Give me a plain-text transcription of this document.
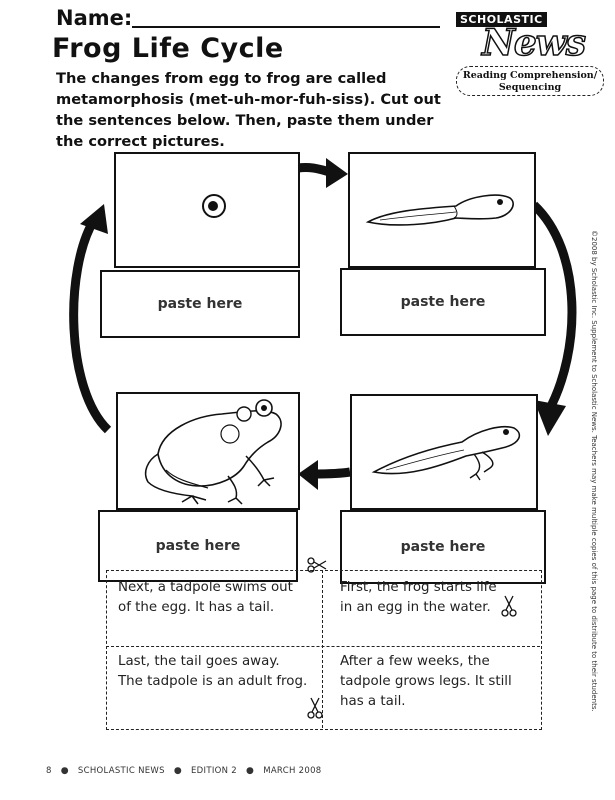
Name:
Frog Life Cycle
The changes from egg to frog are called metamorphosis (met-uh-mor-fuh-siss). Cut out the sentences below. Then, paste them under the correct pictures.
SCHOLASTIC
News
Reading Comprehension/
Sequencing
paste here	paste here
paste here
paste here	©2008 by Scholastic Inc. Supplement to Scholastic News. Teachers may make multiple copies of this page to distribute to their students.
Next, a tadpole swims out
of the egg. It has a tail.
First, the frog starts life
in an egg in the water.
Last, the tail goes away.
The tadpole is an adult frog.
After a few weeks, the
tadpole grows legs. It still
has a tail.
8 ● SCHOLASTIC NEWS ● EDITION 2 ● MARCH 2008
